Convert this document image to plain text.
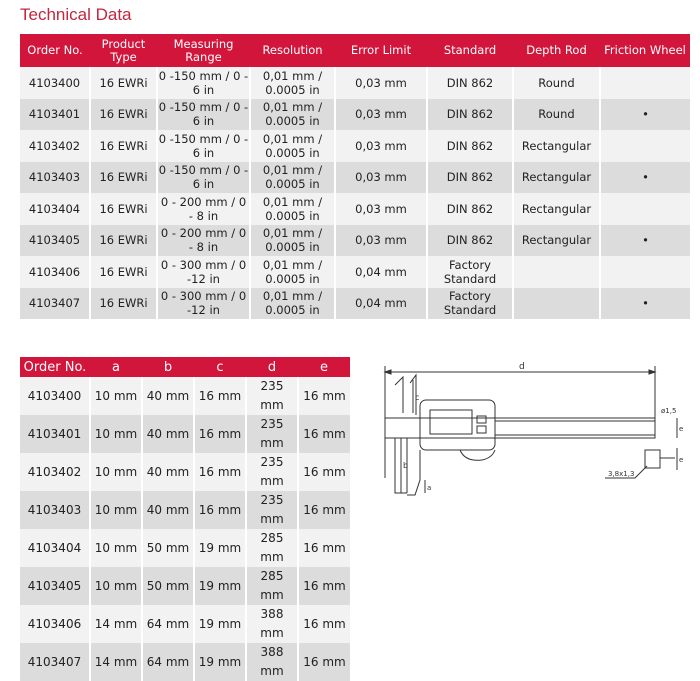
Technical Data
Order No.	Product Type	Measuring Range	Resolution	Error Limit	Standard	Depth Rod	Friction Wheel
4103400	16 EWRi	0 -150 mm / 0 - 6 in	0,01 mm / 0.0005 in	0,03 mm	DIN 862	Round	
4103401	16 EWRi	0 -150 mm / 0 - 6 in	0,01 mm / 0.0005 in	0,03 mm	DIN 862	Round	•
4103402	16 EWRi	0 -150 mm / 0 - 6 in	0,01 mm / 0.0005 in	0,03 mm	DIN 862	Rectangular	
4103403	16 EWRi	0 -150 mm / 0 - 6 in	0,01 mm / 0.0005 in	0,03 mm	DIN 862	Rectangular	•
4103404	16 EWRi	0 - 200 mm / 0 - 8 in	0,01 mm / 0.0005 in	0,03 mm	DIN 862	Rectangular	
4103405	16 EWRi	0 - 200 mm / 0 - 8 in	0,01 mm / 0.0005 in	0,03 mm	DIN 862	Rectangular	•
4103406	16 EWRi	0 - 300 mm / 0 -12 in	0,01 mm / 0.0005 in	0,04 mm	Factory Standard		
4103407	16 EWRi	0 - 300 mm / 0 -12 in	0,01 mm / 0.0005 in	0,04 mm	Factory Standard		•
Order No.	a	b	c	d	e
4103400	10 mm	40 mm	16 mm	235 mm	16 mm
4103401	10 mm	40 mm	16 mm	235 mm	16 mm
4103402	10 mm	40 mm	16 mm	235 mm	16 mm
4103403	10 mm	40 mm	16 mm	235 mm	16 mm
4103404	10 mm	50 mm	19 mm	285 mm	16 mm
4103405	10 mm	50 mm	19 mm	285 mm	16 mm
4103406	14 mm	64 mm	19 mm	388 mm	16 mm
4103407	14 mm	64 mm	19 mm	388 mm	16 mm
d
c
b
a
e
ø1,5
e
3,8x1,3
